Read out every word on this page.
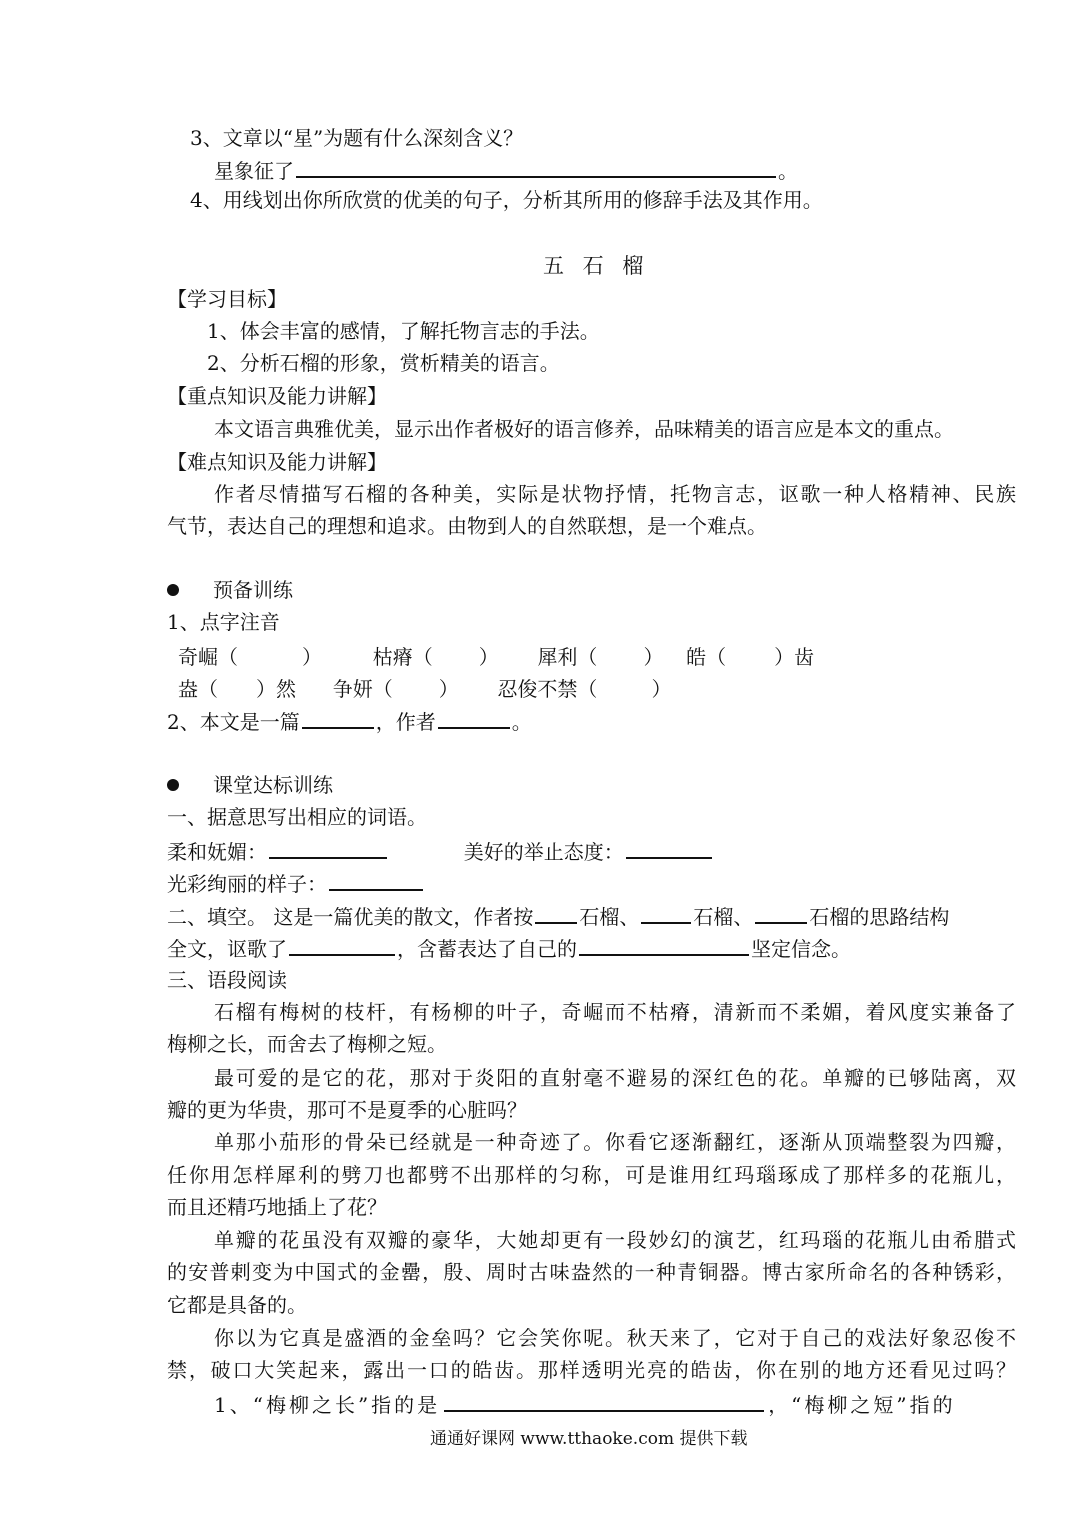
3、文章以“星”为题有什么深刻含义？
星象征了	。
4、用线划出你所欣赏的优美的句子，分析其所用的修辞手法及其作用。
五 石 榴
【学习目标】
1、体会丰富的感情，了解托物言志的手法。
2、分析石榴的形象，赏析精美的语言。
【重点知识及能力讲解】
本文语言典雅优美，显示出作者极好的语言修养，品味精美的语言应是本文的重点。
【难点知识及能力讲解】
作者尽情描写石榴的各种美，实际是状物抒情，托物言志，讴歌一种人格精神、民族
气节，表达自己的理想和追求。由物到人的自然联想，是一个难点。
预备训练
1、点字注音
奇崛（	）	枯瘠（ ） 犀利（ ） 皓（ ）齿
盎（ ）然 争妍（ ） 忍俊不禁（	）
2、本文是一篇	，作者	。
课堂达标训练
一、据意思写出相应的词语。
柔和妩媚：	美好的举止态度：
光彩绚丽的样子：
二、填空。 这是一篇优美的散文，作者按 石榴、	石榴、	石榴的思路结构
全文，讴歌了	，含蓄表达了自己的	坚定信念。
三、语段阅读
石榴有梅树的枝杆，有杨柳的叶子，奇崛而不枯瘠，清新而不柔媚，着风度实兼备了
梅柳之长，而舍去了梅柳之短。
最可爱的是它的花，那对于炎阳的直射毫不避易的深红色的花。单瓣的已够陆离，双
瓣的更为华贵，那可不是夏季的心脏吗？
单那小茄形的骨朵已经就是一种奇迹了。你看它逐渐翻红，逐渐从顶端整裂为四瓣，
任你用怎样犀利的劈刀也都劈不出那样的匀称，可是谁用红玛瑙琢成了那样多的花瓶儿，
而且还精巧地插上了花？
单瓣的花虽没有双瓣的豪华，大她却更有一段妙幻的演艺，红玛瑙的花瓶儿由希腊式
的安普剌变为中国式的金罍，殷、周时古味盎然的一种青铜器。博古家所命名的各种锈彩，
它都是具备的。
你以为它真是盛酒的金垒吗？它会笑你呢。秋天来了，它对于自己的戏法好象忍俊不
禁，破口大笑起来，露出一口的皓齿。那样透明光亮的皓齿，你在别的地方还看见过吗？
1、“梅柳之长”指的是	，“梅柳之短”指的
通通好课网 www.tthaoke.com 提供下载
